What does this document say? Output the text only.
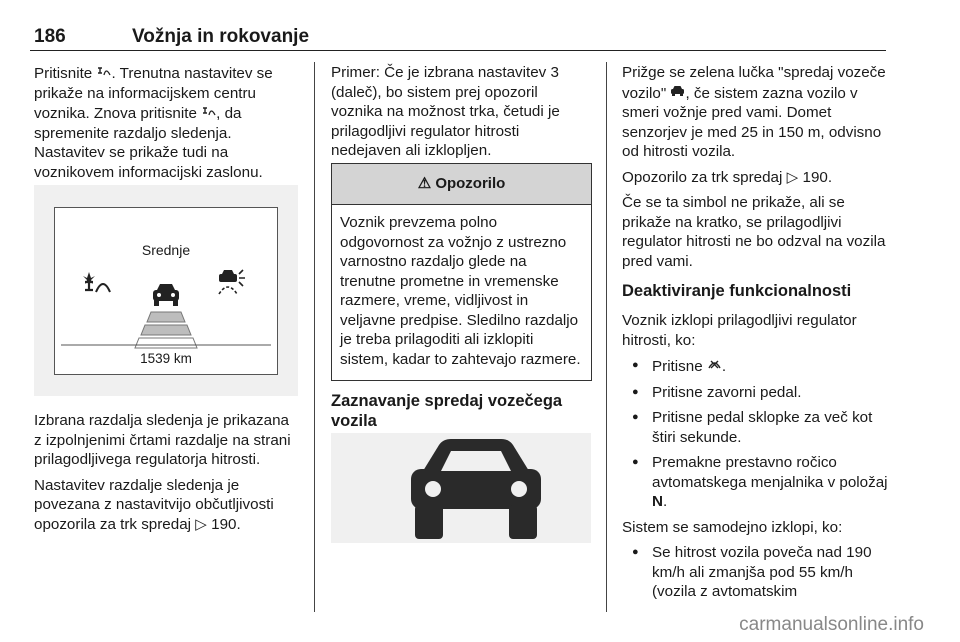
186	Vožnja in rokovanje

Pritisnite . Trenutna nastavitev se prikaže na informacijskem centru voznika. Znova pritisnite , da spremenite razdaljo sledenja. Nastavitev se prikaže tudi na voznikovem informacijski zaslonu.

Srednje
1539 km

Izbrana razdalja sledenja je prikazana z izpolnjenimi črtami razdalje na strani prilagodljivega regulatorja hitrosti.

Nastavitev razdalje sledenja je povezana z nastavitvijo občutljivosti opozorila za trk spredaj ▷ 190.

Primer: Če je izbrana nastavitev 3 (daleč), bo sistem prej opozoril voznika na možnost trka, četudi je prilagodljivi regulator hitrosti nedejaven ali izklopljen.

⚠ Opozorilo
Voznik prevzema polno odgovornost za vožnjo z ustrezno varnostno razdaljo glede na trenutne prometne in vremenske razmere, vreme, vidljivost in veljavne predpise. Sledilno razdaljo je treba prilagoditi ali izklopiti sistem, kadar to zahtevajo razmere.
Zaznavanje spredaj vozečega vozila

Prižge se zelena lučka "spredaj vozeče vozilo" , če sistem zazna vozilo v smeri vožnje pred vami. Domet senzorjev je med 25 in 150 m, odvisno od hitrosti vozila.

Opozorilo za trk spredaj ▷ 190.

Če se ta simbol ne prikaže, ali se prikaže na kratko, se prilagodljivi regulator hitrosti ne bo odzval na vozila pred vami.

Deaktiviranje funkcionalnosti

Voznik izklopi prilagodljivi regulator hitrosti, ko:

● Pritisne .
● Pritisne zavorni pedal.
● Pritisne pedal sklopke za več kot štiri sekunde.
● Premakne prestavno ročico avtomatskega menjalnika v položaj N.

Sistem se samodejno izklopi, ko:

● Se hitrost vozila poveča nad 190 km/h ali zmanjša pod 55 km/h (vozila z avtomatskim
carmanualsonline.info
